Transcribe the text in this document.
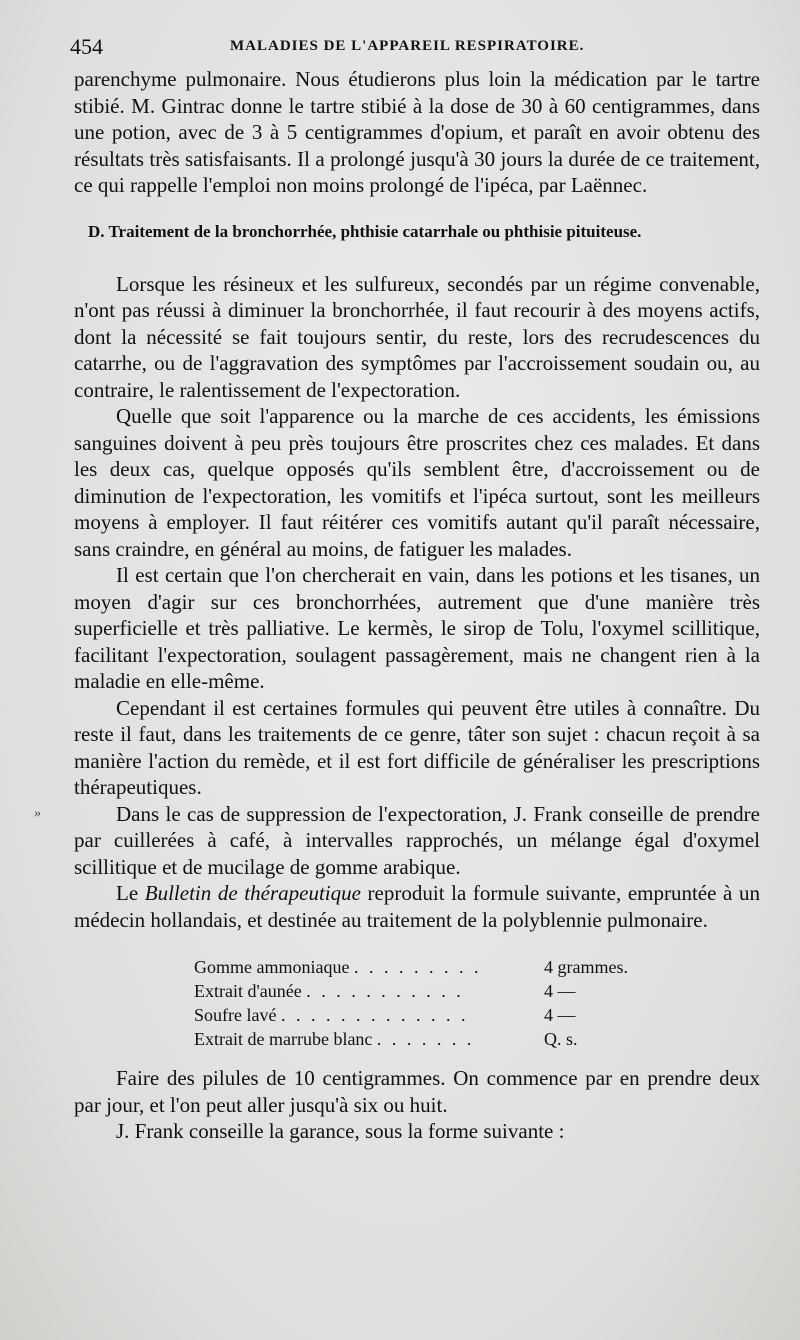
454	MALADIES DE L'APPAREIL RESPIRATOIRE.
»

parenchyme pulmonaire. Nous étudierons plus loin la médication par le tartre stibié. M. Gintrac donne le tartre stibié à la dose de 30 à 60 centigrammes, dans une potion, avec de 3 à 5 centigrammes d'opium, et paraît en avoir obtenu des résultats très satisfaisants. Il a prolongé jusqu'à 30 jours la durée de ce traitement, ce qui rappelle l'emploi non moins prolongé de l'ipéca, par Laënnec.

D. Traitement de la bronchorrhée, phthisie catarrhale ou phthisie pituiteuse.

Lorsque les résineux et les sulfureux, secondés par un régime convenable, n'ont pas réussi à diminuer la bronchorrhée, il faut recourir à des moyens actifs, dont la nécessité se fait toujours sentir, du reste, lors des recrudescences du catarrhe, ou de l'aggravation des symptômes par l'accroissement soudain ou, au contraire, le ralentissement de l'expectoration.

Quelle que soit l'apparence ou la marche de ces accidents, les émissions sanguines doivent à peu près toujours être proscrites chez ces malades. Et dans les deux cas, quelque opposés qu'ils semblent être, d'accroissement ou de diminution de l'expectoration, les vomitifs et l'ipéca surtout, sont les meilleurs moyens à employer. Il faut réitérer ces vomitifs autant qu'il paraît nécessaire, sans craindre, en général au moins, de fatiguer les malades.

Il est certain que l'on chercherait en vain, dans les potions et les tisanes, un moyen d'agir sur ces bronchorrhées, autrement que d'une manière très superficielle et très palliative. Le kermès, le sirop de Tolu, l'oxymel scillitique, facilitant l'expectoration, soulagent passagèrement, mais ne changent rien à la maladie en elle-même.

Cependant il est certaines formules qui peuvent être utiles à connaître. Du reste il faut, dans les traitements de ce genre, tâter son sujet : chacun reçoit à sa manière l'action du remède, et il est fort difficile de généraliser les prescriptions thérapeutiques.

Dans le cas de suppression de l'expectoration, J. Frank conseille de prendre par cuillerées à café, à intervalles rapprochés, un mélange égal d'oxymel scillitique et de mucilage de gomme arabique.

Le Bulletin de thérapeutique reproduit la formule suivante, empruntée à un médecin hollandais, et destinée au traitement de la polyblennie pulmonaire.

Gomme ammoniaque . . . . . . . . .	4 grammes.
Extrait d'aunée . . . . . . . . . . .	4 —
Soufre lavé . . . . . . . . . . . . .	4 —
Extrait de marrube blanc . . . . . . .	Q. s.

Faire des pilules de 10 centigrammes. On commence par en prendre deux par jour, et l'on peut aller jusqu'à six ou huit.

J. Frank conseille la garance, sous la forme suivante :
